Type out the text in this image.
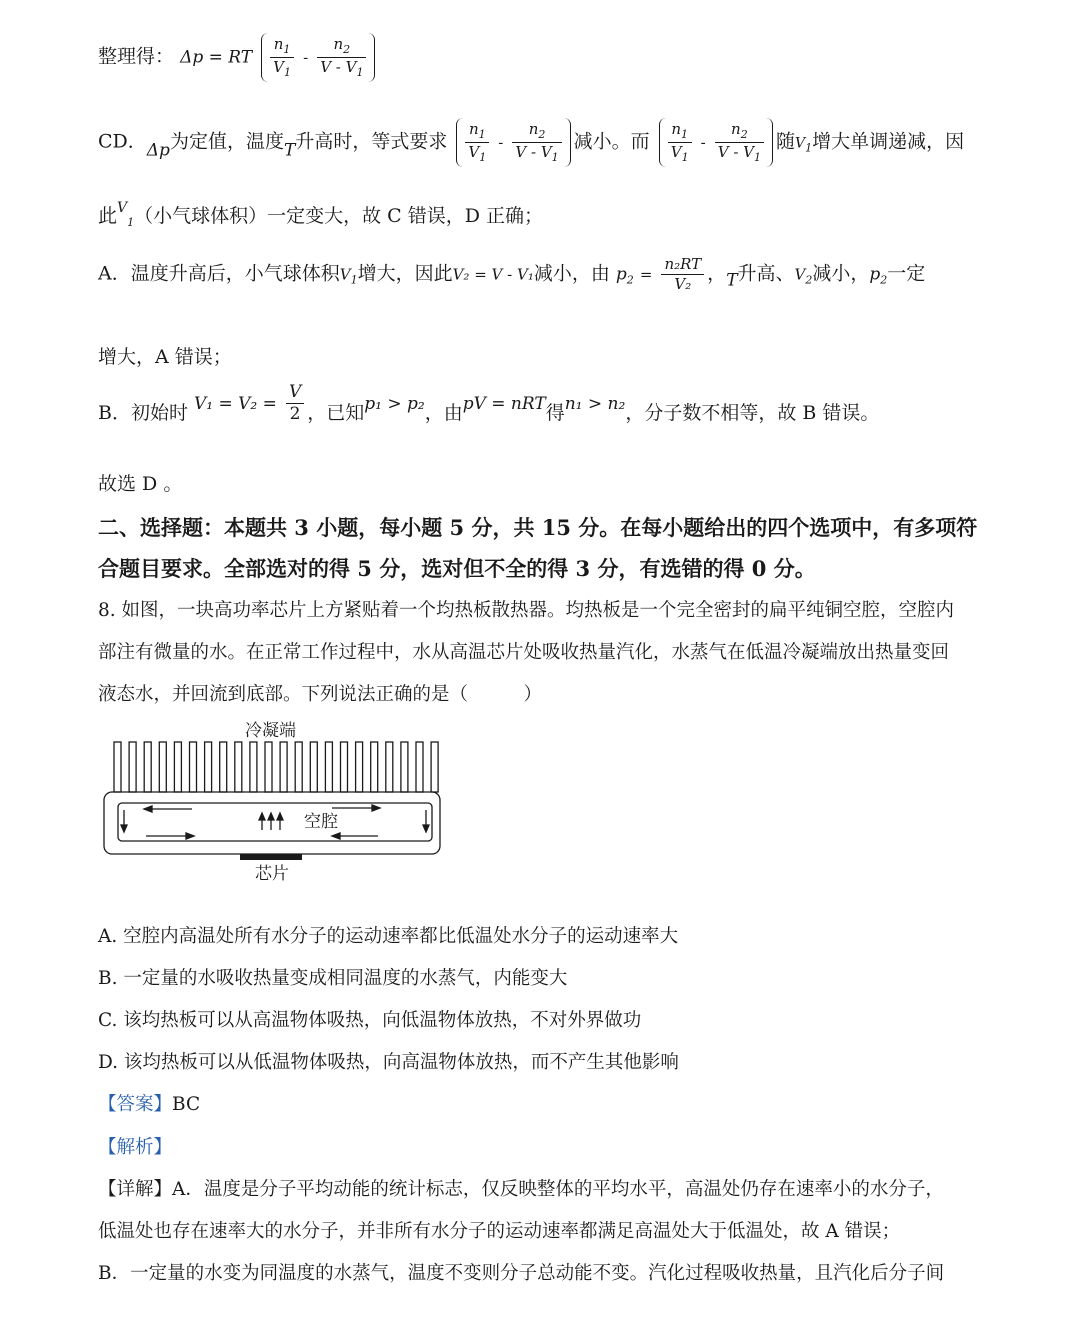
整理得： Δp = RT $\frac{n_1}{V_1} - \frac{n_2}{V - V_1}$
CD．Δp为定值，温度T升高时，等式要求 $\frac{n_1}{V_1} - \frac{n_2}{V - V_1}$ 减小。而 $\frac{n_1}{V_1} - \frac{n_2}{V - V_1}$ 随$V_1$增大单调递减，因
此$^V_1$（小气球体积）一定变大，故 C 错误，D 正确；
A．温度升高后，小气球体积$V_1$增大，因此V₂ = V - V₁减小，由 $p_2 = \frac{\text{n₂RT}}{\text{V₂}}$ ，T升高、$V_2$减小，$p_2$一定
增大，A 错误；
B．初始时 $V_1 = V_2 = \frac{V}{2}$ ，已知p₁ > p₂，由pV = nRT得n₁ > n₂，分子数不相等，故 B 错误。
故选 D 。
二、选择题：本题共 3 小题，每小题 5 分，共 15 分。在每小题给出的四个选项中，有多项符
合题目要求。全部选对的得 5 分，选对但不全的得 3 分，有选错的得 0 分。
8. 如图，一块高功率芯片上方紧贴着一个均热板散热器。均热板是一个完全密封的扁平纯铜空腔，空腔内
部注有微量的水。在正常工作过程中，水从高温芯片处吸收热量汽化，水蒸气在低温冷凝端放出热量变回
液态水，并回流到底部。下列说法正确的是（　　　）
冷凝端
芯片
空腔
A. 空腔内高温处所有水分子的运动速率都比低温处水分子的运动速率大
B. 一定量的水吸收热量变成相同温度的水蒸气，内能变大
C. 该均热板可以从高温物体吸热，向低温物体放热，不对外界做功
D. 该均热板可以从低温物体吸热，向高温物体放热，而不产生其他影响
【答案】BC
【解析】
【详解】A．温度是分子平均动能的统计标志，仅反映整体的平均水平，高温处仍存在速率小的水分子，
低温处也存在速率大的水分子，并非所有水分子的运动速率都满足高温处大于低温处，故 A 错误；
B．一定量的水变为同温度的水蒸气，温度不变则分子总动能不变。汽化过程吸收热量，且汽化后分子间
